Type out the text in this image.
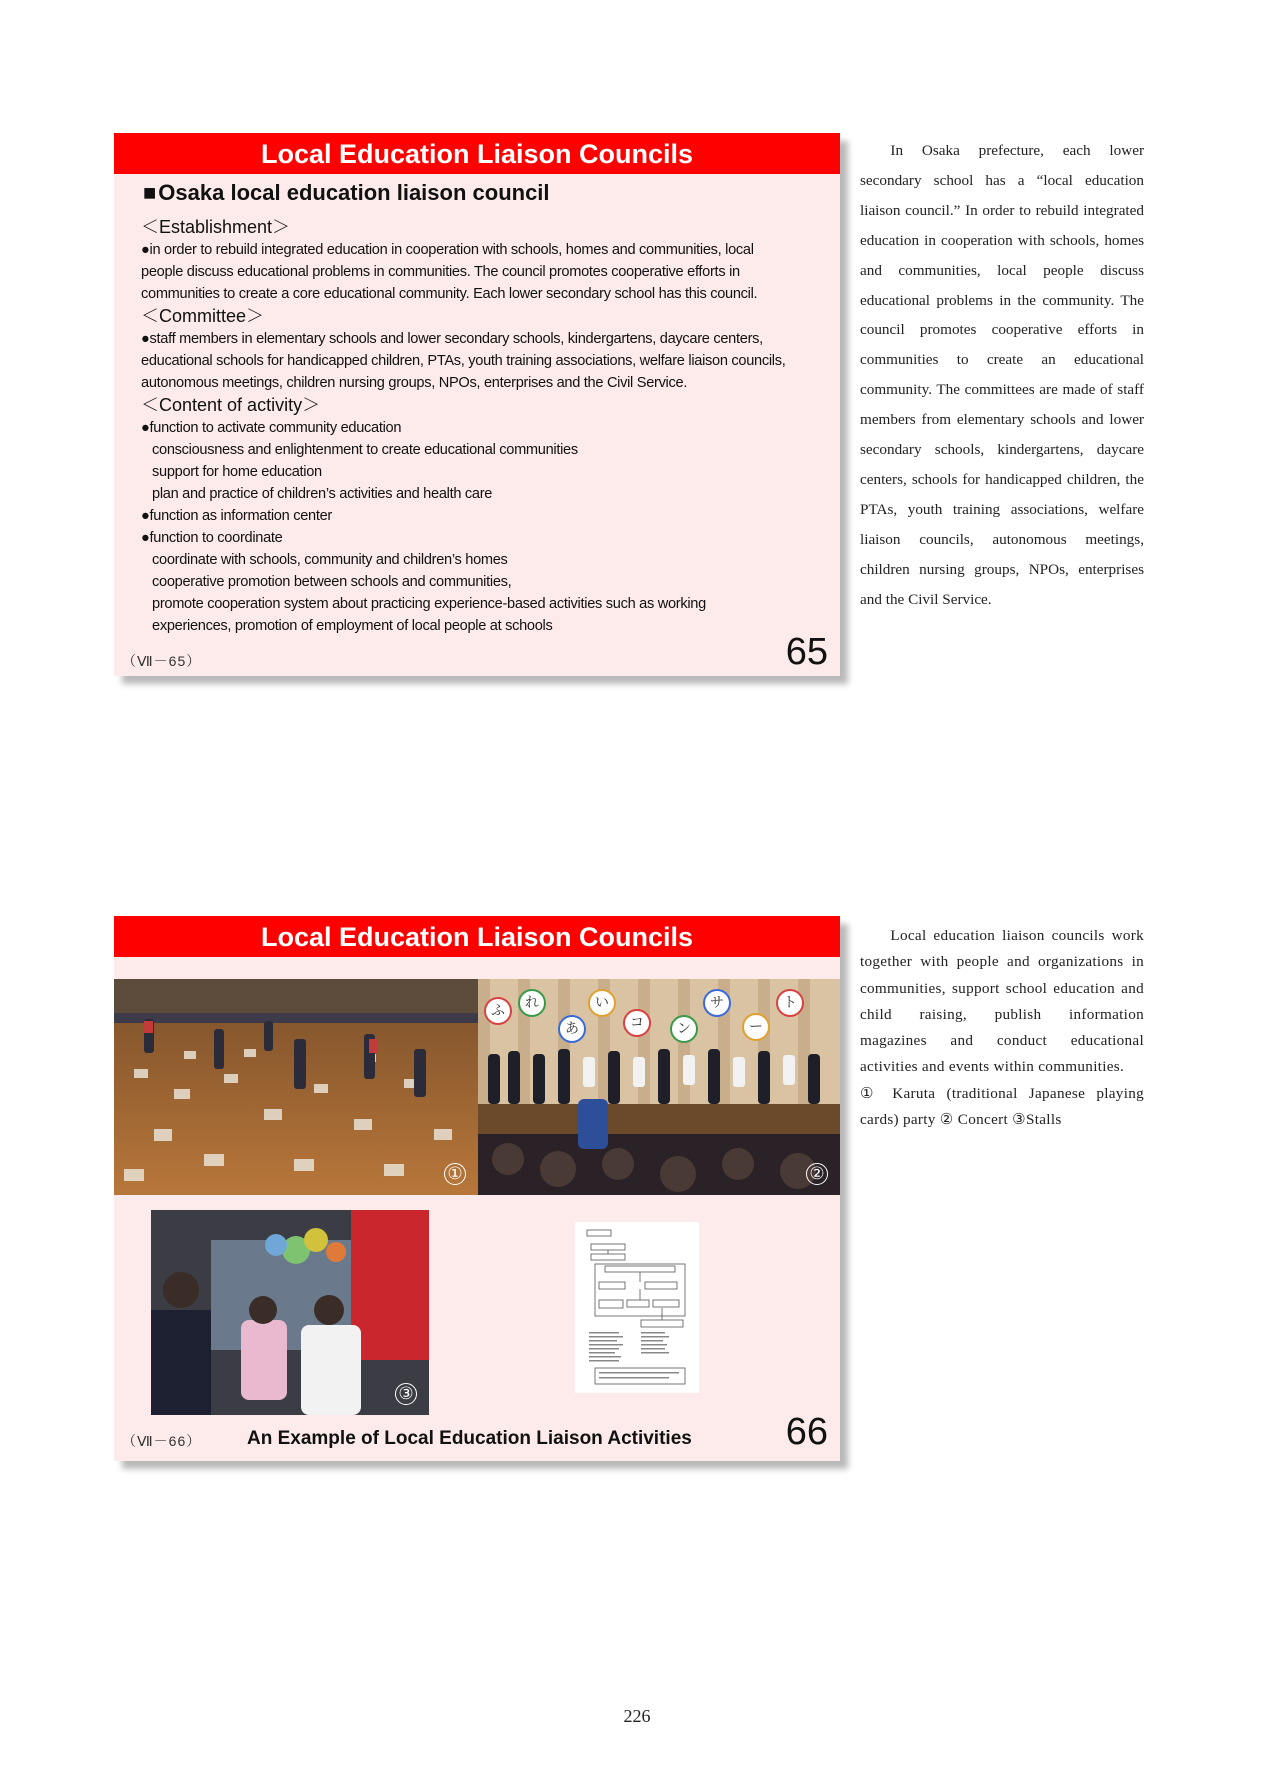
Local Education Liaison Councils
■Osaka local education liaison council
＜Establishment＞
●in order to rebuild integrated education in cooperation with schools, homes and communities, local
people discuss educational problems in communities. The council promotes cooperative efforts in
communities to create a core educational community. Each lower secondary school has this council.
＜Committee＞
●staff members in elementary schools and lower secondary schools, kindergartens, daycare centers,
educational schools for handicapped children, PTAs, youth training associations, welfare liaison councils,
autonomous meetings, children nursing groups, NPOs, enterprises and the Civil Service.
＜Content of activity＞
●function to activate community education
consciousness and enlightenment to create educational communities
support for home education
plan and practice of children’s activities and health care
●function as information center
●function to coordinate
coordinate with schools, community and children’s homes
cooperative promotion between schools and communities,
promote cooperation system about practicing experience-based activities such as working
experiences, promotion of employment of local people at schools
（Ⅶ－65）	65

In Osaka prefecture, each lower secondary school has a “local education liaison council.” In order to rebuild integrated education in cooperation with schools, homes and communities, local people discuss educational problems in the community. The council promotes cooperative efforts in communities to create an educational community. The committees are made of staff members from elementary schools and lower secondary schools, kindergartens, daycare centers, schools for handicapped children, the PTAs, youth training associations, welfare liaison councils, autonomous meetings, children nursing groups, NPOs, enterprises and the Civil Service.

Local Education Liaison Councils
①
ふ	れ
あ
い
コ	ン
サ
ー
ト
②
③
（Ⅶ－66） An Example of Local Education Liaison Activities 66

Local education liaison councils work together with people and organizations in communities, support school education and child raising, publish information magazines and conduct educational activities and events within communities.

① Karuta (traditional Japanese playing cards) party ② Concert ③Stalls

226
